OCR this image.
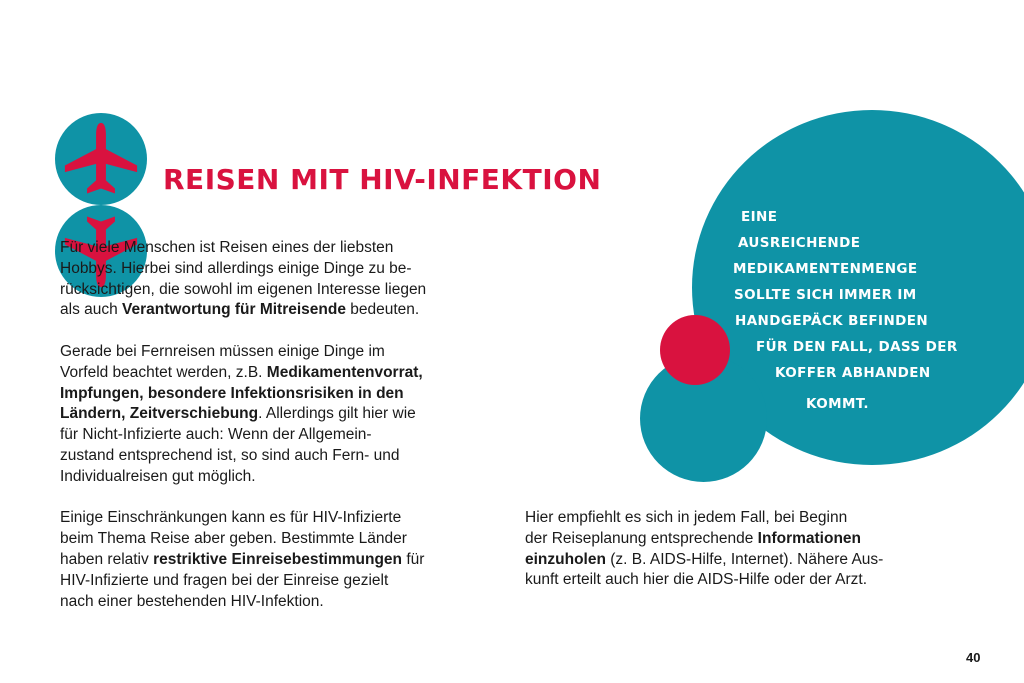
REISEN MIT HIV-INFEKTION

Für viele Menschen ist Reisen eines der liebsten
Hobbys. Hierbei sind allerdings einige Dinge zu be-
rücksichtigen, die sowohl im eigenen Interesse liegen
als auch Verantwortung für Mitreisende bedeuten.

Gerade bei Fernreisen müssen einige Dinge im
Vorfeld beachtet werden, z.B. Medikamentenvorrat,
Impfungen, besondere Infektionsrisiken in den
Ländern, Zeitverschiebung. Allerdings gilt hier wie
für Nicht-Infizierte auch: Wenn der Allgemein-
zustand entsprechend ist, so sind auch Fern- und
Individualreisen gut möglich.

Einige Einschränkungen kann es für HIV-Infizierte
beim Thema Reise aber geben. Bestimmte Länder
haben relativ restriktive Einreisebestimmungen für
HIV-Infizierte und fragen bei der Einreise gezielt
nach einer bestehenden HIV-Infektion.

EINE
AUSREICHENDE
MEDIKAMENTENMENGE
SOLLTE SICH IMMER IM
HANDGEPÄCK BEFINDEN
FÜR DEN FALL, DASS DER
KOFFER ABHANDEN
KOMMT.
Hier empfiehlt es sich in jedem Fall, bei Beginn
der Reiseplanung entsprechende Informationen
einzuholen (z. B. AIDS-Hilfe, Internet). Nähere Aus-
kunft erteilt auch hier die AIDS-Hilfe oder der Arzt.
40
